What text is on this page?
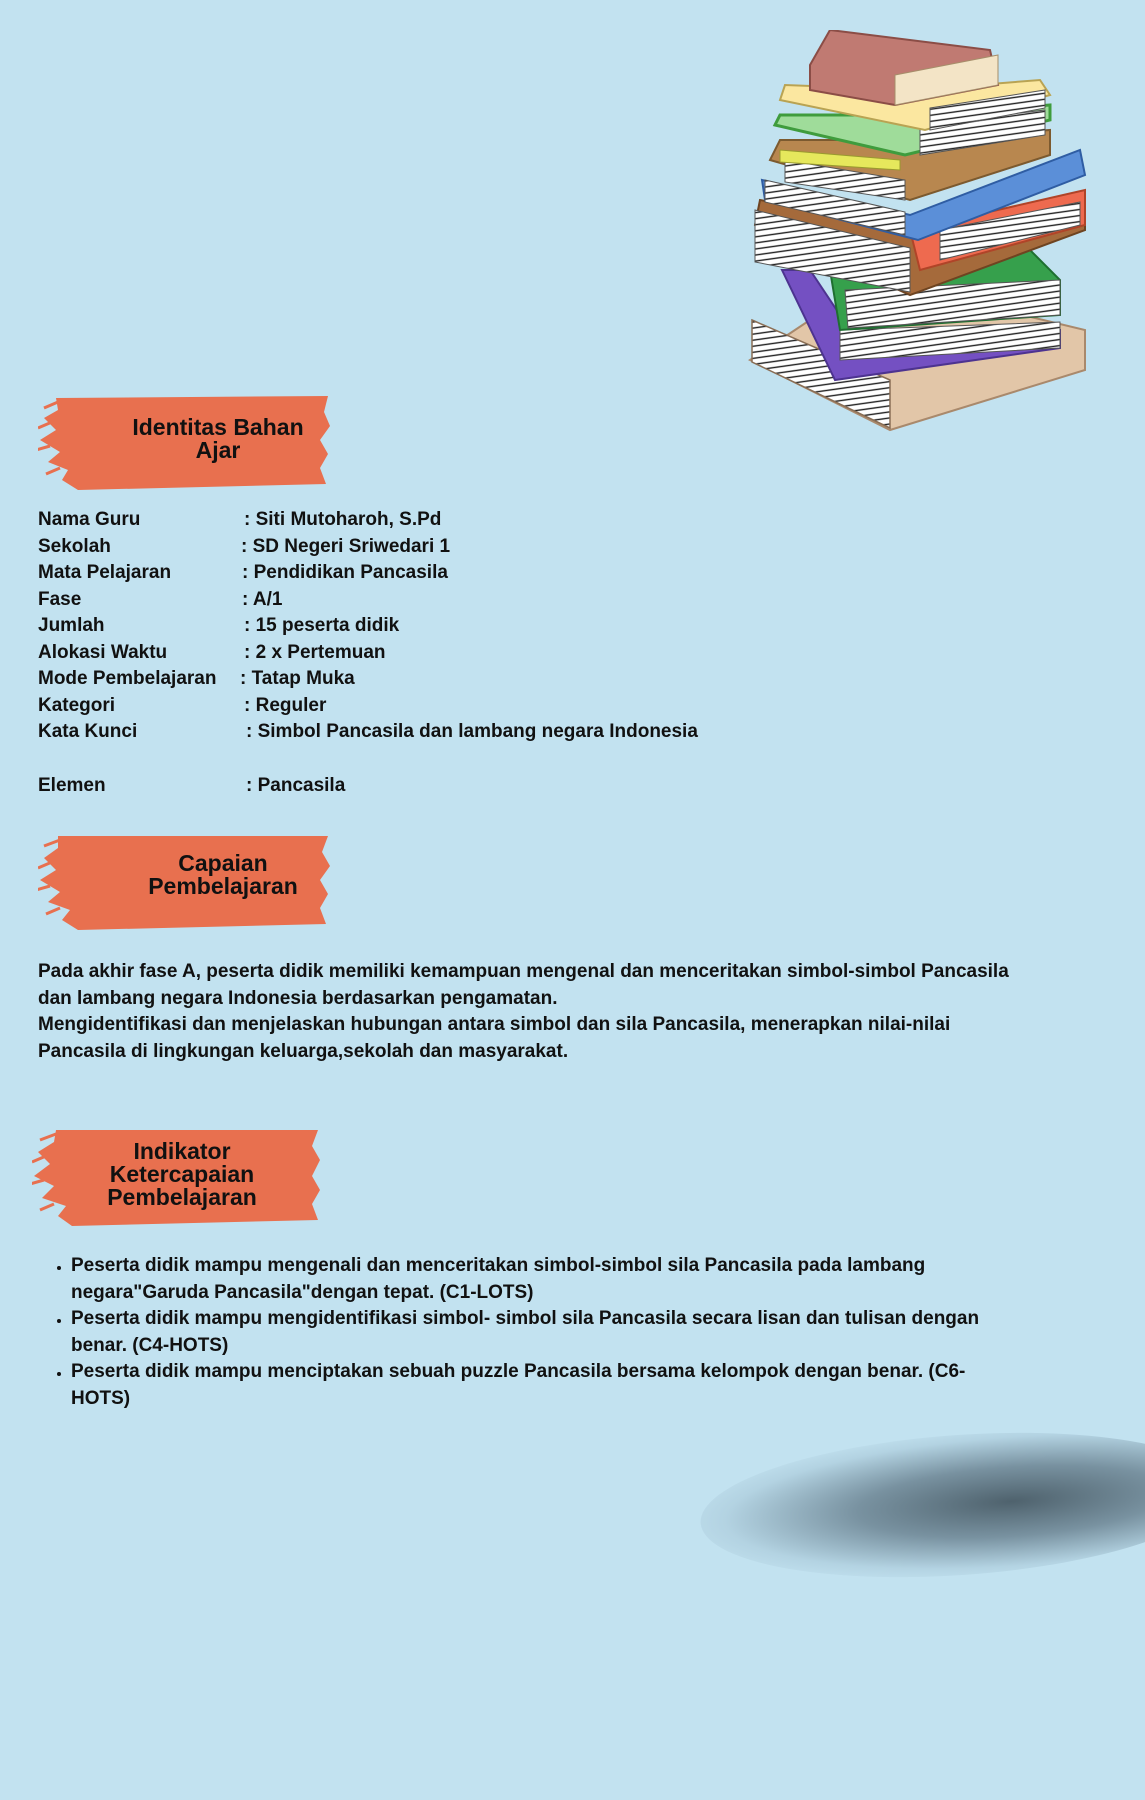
Identitas Bahan
Ajar
Nama Guru	: Siti Mutoharoh, S.Pd
Sekolah	: SD Negeri Sriwedari 1
Mata Pelajaran	: Pendidikan Pancasila
Fase	: A/1
Jumlah	: 15 peserta didik
Alokasi Waktu	: 2 x Pertemuan
Mode Pembelajaran : Tatap Muka
Kategori	: Reguler
Kata Kunci	: Simbol Pancasila dan lambang negara Indonesia
Elemen	: Pancasila
Capaian
Pembelajaran

Pada akhir fase A, peserta didik memiliki kemampuan mengenal dan menceritakan simbol-simbol Pancasila dan lambang negara Indonesia berdasarkan pengamatan.

Mengidentifikasi dan menjelaskan hubungan antara simbol dan sila Pancasila, menerapkan nilai-nilai Pancasila di lingkungan keluarga,sekolah dan masyarakat.

Indikator
Ketercapaian
Pembelajaran
• Peserta didik mampu mengenali dan menceritakan simbol-simbol sila Pancasila pada lambang negara"Garuda Pancasila"dengan tepat. (C1-LOTS)
• Peserta didik mampu mengidentifikasi simbol- simbol sila Pancasila secara lisan dan tulisan dengan benar. (C4-HOTS)
• Peserta didik mampu menciptakan sebuah puzzle Pancasila bersama kelompok dengan benar. (C6-HOTS)
